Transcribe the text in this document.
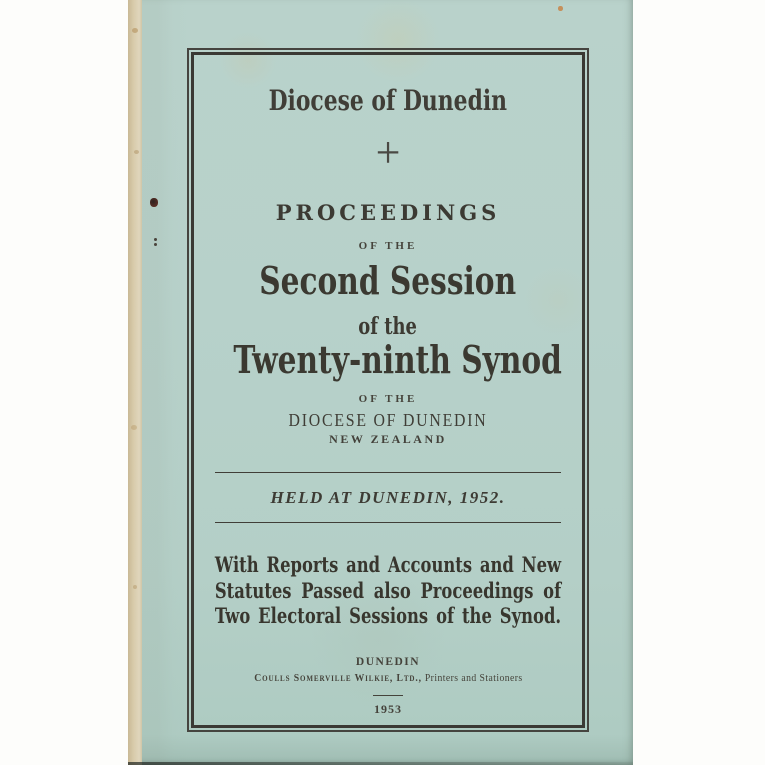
Diocese of Dunedin
+
PROCEEDINGS
OF THE
Second Session
of the
Twenty-ninth Synod
OF THE
DIOCESE OF DUNEDIN
NEW ZEALAND
HELD AT DUNEDIN, 1952.
With Reports and Accounts and New
Statutes Passed also Proceedings of
Two Electoral Sessions of the Synod.
DUNEDIN
Coulls Somerville Wilkie, Ltd., Printers and Stationers
1953
